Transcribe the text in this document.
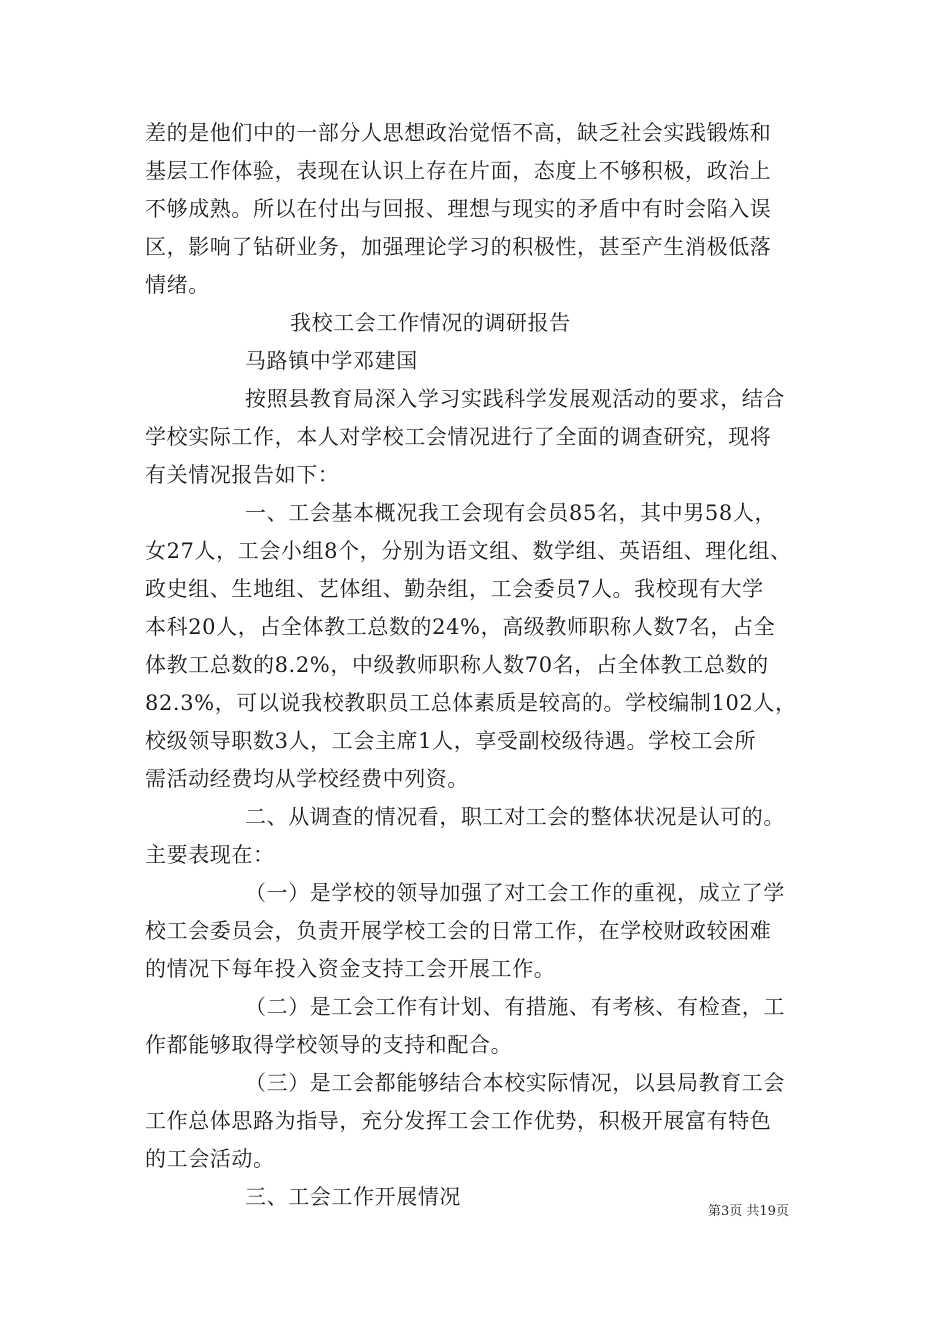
差的是他们中的一部分人思想政治觉悟不高，缺乏社会实践锻炼和
基层工作体验，表现在认识上存在片面，态度上不够积极，政治上
不够成熟。所以在付出与回报、理想与现实的矛盾中有时会陷入误
区，影响了钻研业务，加强理论学习的积极性，甚至产生消极低落
情绪。
我校工会工作情况的调研报告
马路镇中学邓建国
按照县教育局深入学习实践科学发展观活动的要求，结合
学校实际工作，本人对学校工会情况进行了全面的调查研究，现将
有关情况报告如下：
一、工会基本概况我工会现有会员85名，其中男58人，
女27人，工会小组8个，分别为语文组、数学组、英语组、理化组、
政史组、生地组、艺体组、勤杂组，工会委员7人。我校现有大学
本科20人，占全体教工总数的24%，高级教师职称人数7名，占全
体教工总数的8.2%，中级教师职称人数70名，占全体教工总数的
82.3%，可以说我校教职员工总体素质是较高的。学校编制102人，
校级领导职数3人，工会主席1人，享受副校级待遇。学校工会所
需活动经费均从学校经费中列资。
二、从调查的情况看，职工对工会的整体状况是认可的。
主要表现在：
（一）是学校的领导加强了对工会工作的重视，成立了学
校工会委员会，负责开展学校工会的日常工作，在学校财政较困难
的情况下每年投入资金支持工会开展工作。
（二）是工会工作有计划、有措施、有考核、有检查，工
作都能够取得学校领导的支持和配合。
（三）是工会都能够结合本校实际情况，以县局教育工会
工作总体思路为指导，充分发挥工会工作优势，积极开展富有特色
的工会活动。
三、工会工作开展情况
第3页 共19页
